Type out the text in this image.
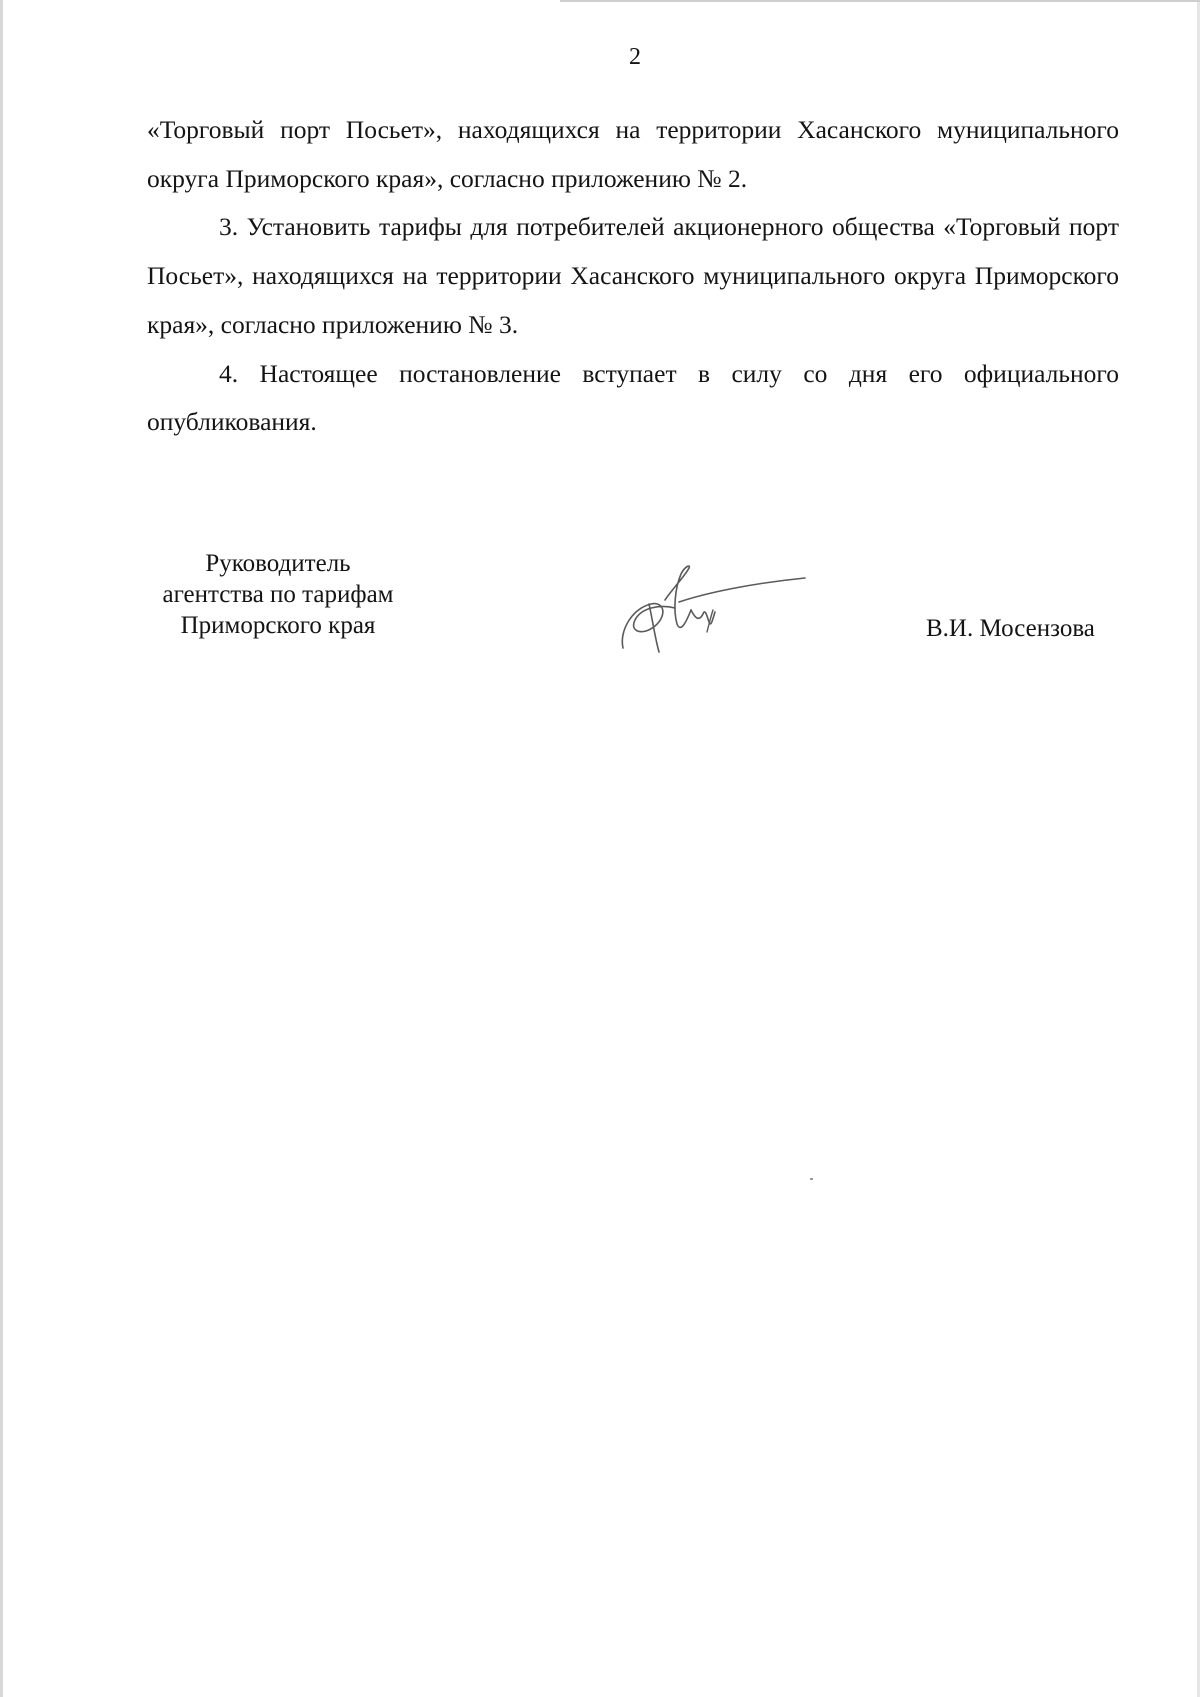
2

«Торговый порт Посьет», находящихся на территории Хасанского муниципального округа Приморского края», согласно приложению № 2.

3. Установить тарифы для потребителей акционерного общества «Торговый порт Посьет», находящихся на территории Хасанского муниципального округа Приморского края», согласно приложению № 3.

4. Настоящее постановление вступает в силу со дня его официального опубликования.

Руководитель
агентства по тарифам
Приморского края	В.И. Мосензова
